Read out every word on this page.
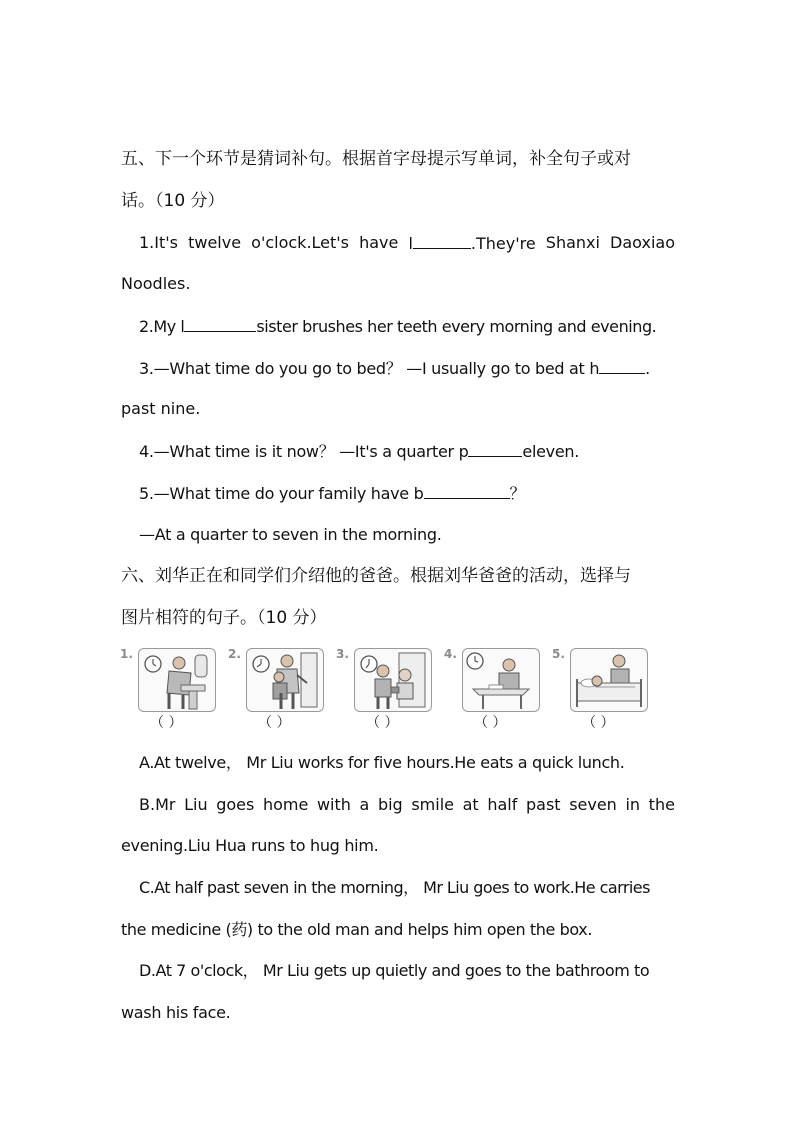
五、下一个环节是猜词补句。根据首字母提示写单词，补全句子或对
话。（10 分）
1.It's twelve o'clock.Let's have l	.They're Shanxi Daoxiao
Noodles.
2.My l	sister brushes her teeth every morning and evening.
3.—What time do you go to bed？ —I usually go to bed at h	.
past nine.
4.—What time is it now？ —It's a quarter p	eleven.
5.—What time do your family have b	？
—At a quarter to seven in the morning.
六、刘华正在和同学们介绍他的爸爸。根据刘华爸爸的活动，选择与
图片相符的句子。（10 分）
1.
（ ）
2.
（ ）
3.
（ ）
4.
（ ）
5.
（ ）
A.At twelve， Mr Liu works for five hours.He eats a quick lunch.
B.Mr Liu goes home with a big smile at half past seven in the
evening.Liu Hua runs to hug him.
C.At half past seven in the morning， Mr Liu goes to work.He carries
the medicine (药) to the old man and helps him open the box.
D.At 7 o'clock， Mr Liu gets up quietly and goes to the bathroom to
wash his face.
